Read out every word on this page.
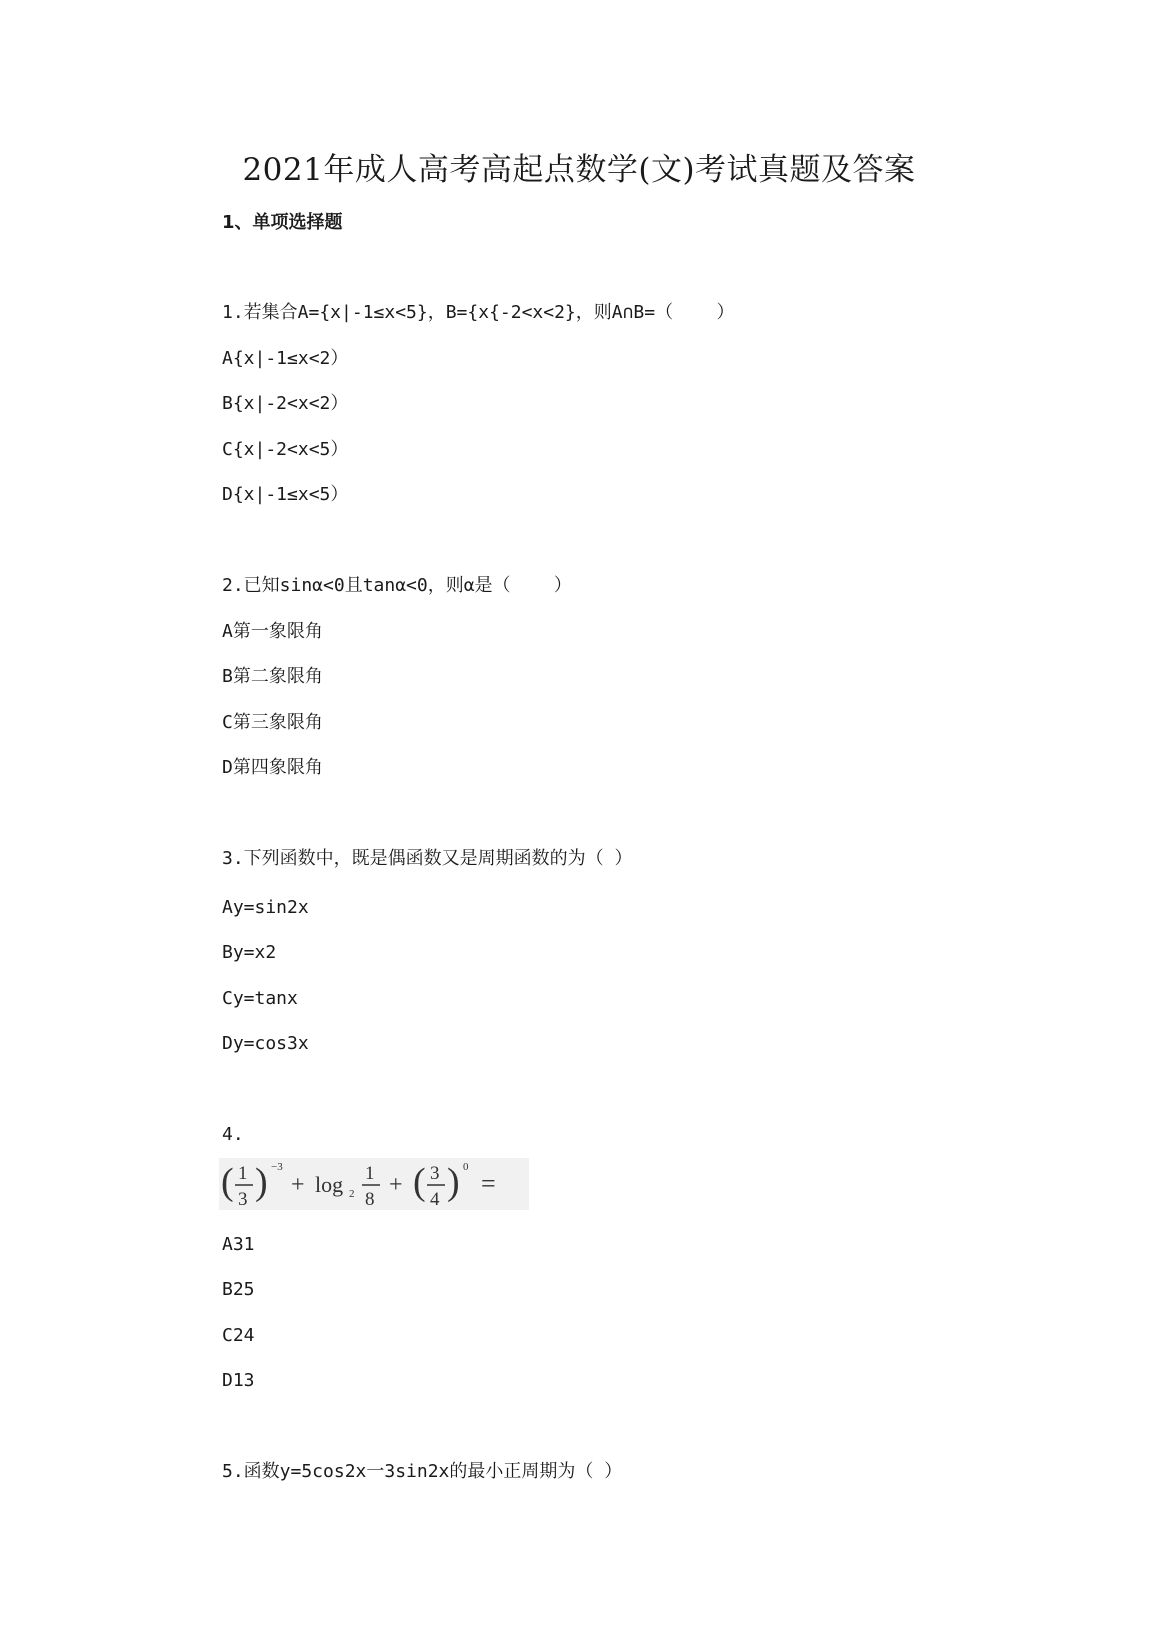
2021年成人高考高起点数学(文)考试真题及答案
1、单项选择题
1.若集合A={x|-1≤x<5}，B={x{-2<x<2}，则A∩B=（    ）
A{x|-1≤x<2）
B{x|-2<x<2）
C{x|-2<x<5）
D{x|-1≤x<5）
2.已知sinα<0且tanα<0，则α是（    ）
A第一象限角
B第二象限角
C第三象限角
D第四象限角
3.下列函数中，既是偶函数又是周期函数的为（ ）
Ay=sin2x
By=x2
Cy=tanx
Dy=cos3x
4.
( 1
3 ) −3
+ log 2
1
8
+ ( 3
4 ) 0
=
A31
B25
C24
D13
5.函数y=5cos2x一3sin2x的最小正周期为（ ）
